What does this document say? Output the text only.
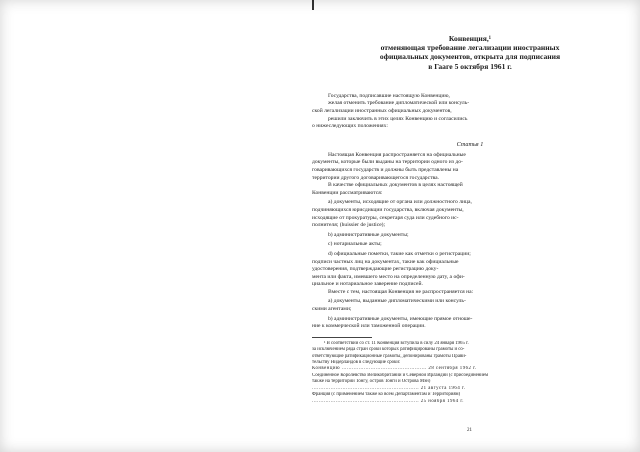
Конвенция,¹
отменяющая требование легализации иностранных
официальных документов, открыта для подписания
в Гааге 5 октября 1961 г.
Государства, подписавшие настоящую Конвенцию,
желая отменить требование дипломатической или консуль-
ской легализации иностранных официальных документов,
решили заключить в этих целях Конвенцию и согласились
о нижеследующих положениях:
Статья 1
Настоящая Конвенция распространяется на официальные
документы, которые были выданы на территории одного из до-
говаривающихся государств и должны быть представлены на
территории другого договаривающегося государства.
В качестве официальных документов в целях настоящей
Конвенции рассматриваются:
а) документы, исходящие от органа или должностного лица,
подчиняющихся юрисдикции государства, включая документы,
исходящие от прокуратуры, секретаря суда или судебного ис-
полнителя; (huissier de justice);
b) административные документы;
c) нотариальные акты;
d) официальные пометки, такие как отметки о регистрации;
подписи частных лиц на документах, такие как официальные
удостоверения, подтверждающие регистрацию доку-
мента или факта, имевшего место на определенную дату, а офи-
циальное и нотариальное заверение подписей.
Вместе с тем, настоящая Конвенция не распространяется на:
a) документы, выданные дипломатическими или консуль-
скими агентами;
b) административные документы, имеющие прямое отноше-
ние к коммерческой или таможенной операции.
¹ В соответствии со ст. 11 Конвенция вступила в силу 24 января 1965 г.
за исключением ряда стран сроки которых ратифицированы грамоты и со-
ответствующие ратификационные грамоты, депонированы грамоты Прави-
тельству Нидерландов в следующие сроки:
Конвенцию .................................................. 28 сентября 1962 г.
Соединенное Королевство Великобритании и Северной Ирландии (с присоединением
также на территории Тонгу, остров Тонги и Острова Мэн)
............................................................... 21 августа 1964 г.
Франция (с применением также ко всем Департаментам и Территориям)
............................................................... 25 ноября 1964 г.
21
